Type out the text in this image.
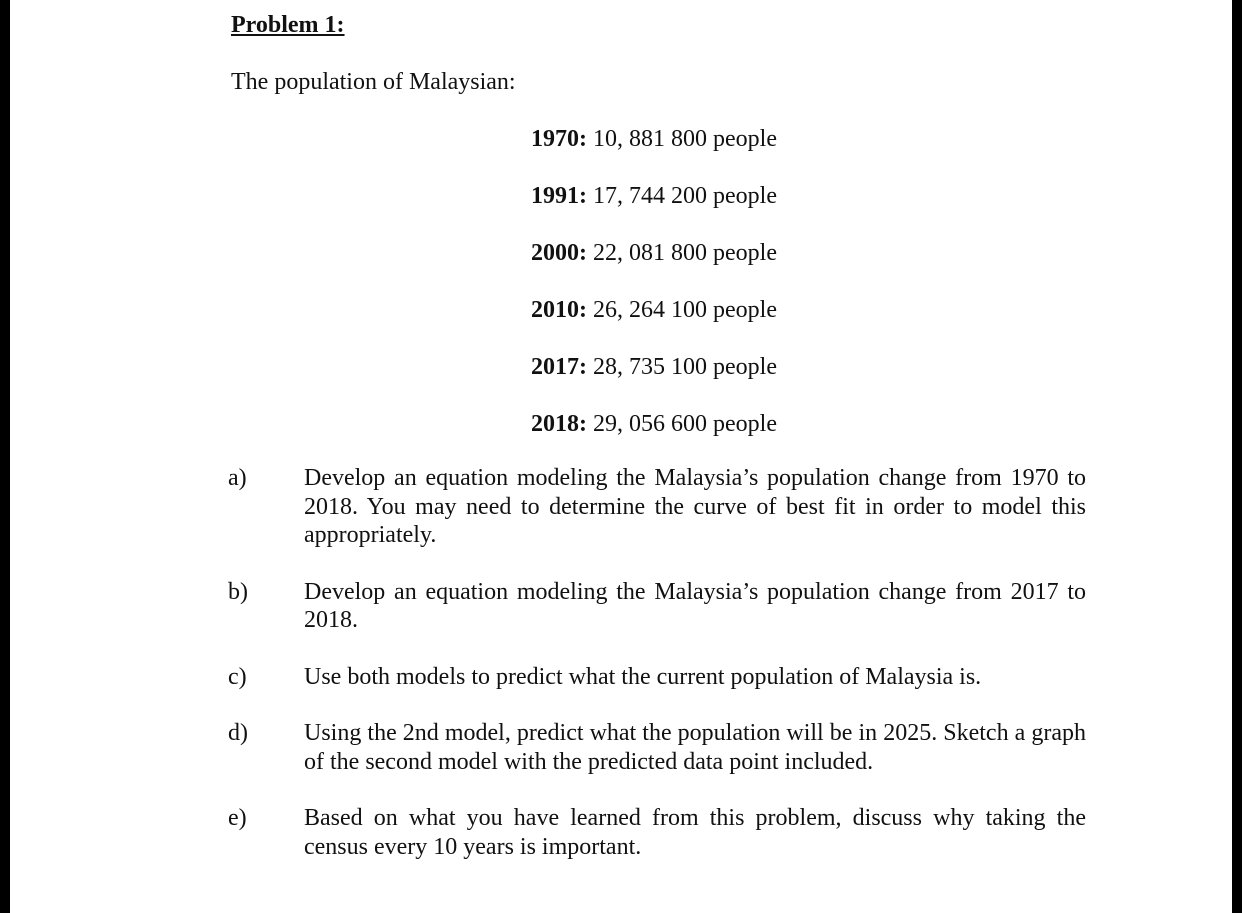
Problem 1:

The population of Malaysian:

1970: 10, 881 800 people
1991: 17, 744 200 people
2000: 22, 081 800 people
2010: 26, 264 100 people
2017: 28, 735 100 people
2018: 29, 056 600 people
a)	Develop an equation modeling the Malaysia’s population change from 1970 to 2018. You may need to determine the curve of best fit in order to model this appropriately.
b)	Develop an equation modeling the Malaysia’s population change from 2017 to 2018.
c)	Use both models to predict what the current population of Malaysia is.
d)	Using the 2nd model, predict what the population will be in 2025. Sketch a graph of the second model with the predicted data point included.
e)	Based on what you have learned from this problem, discuss why taking the census every 10 years is important.
